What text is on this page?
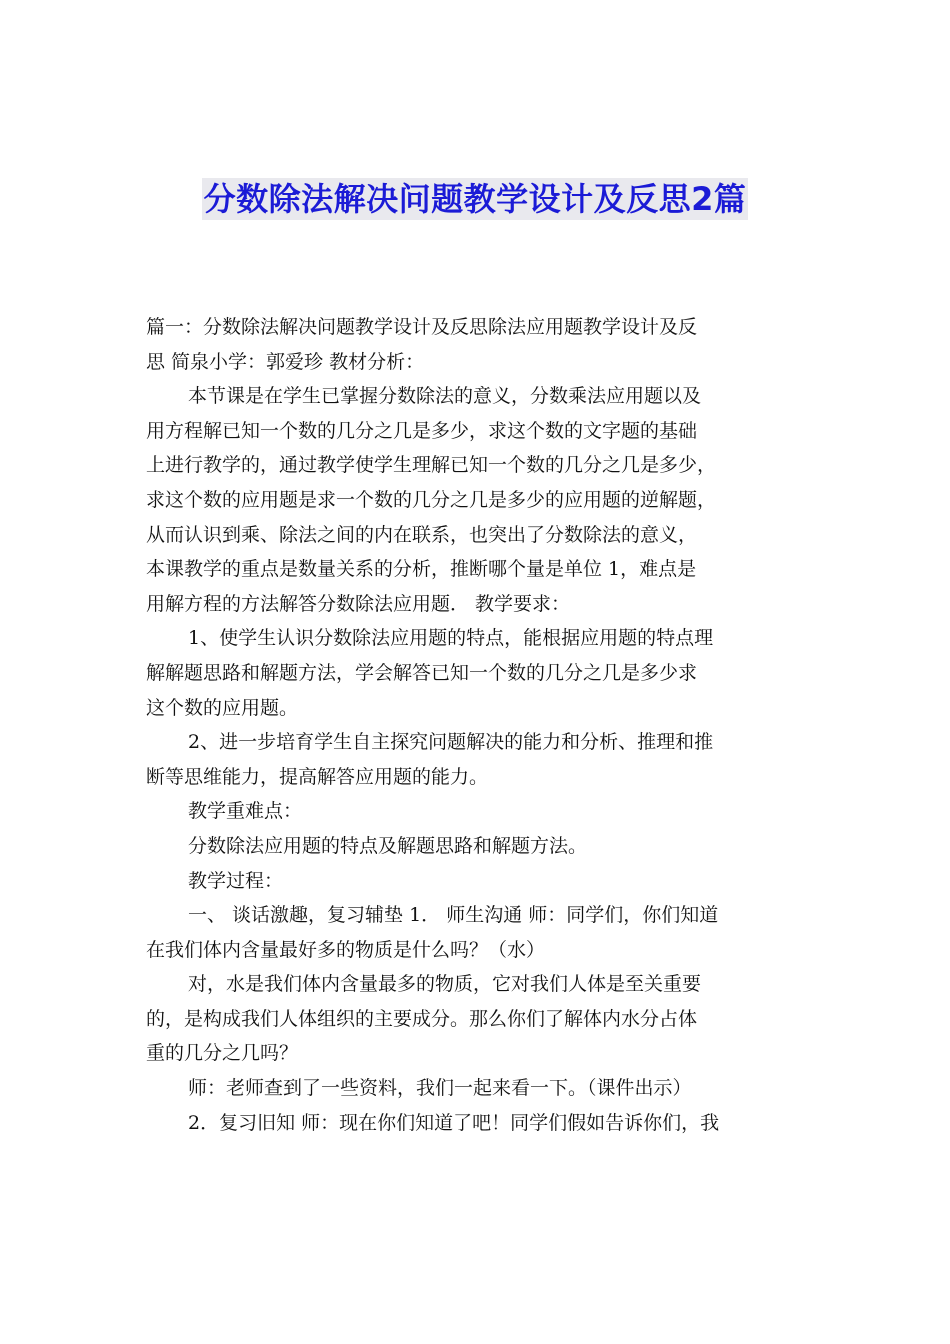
分数除法解决问题教学设计及反思2篇
篇一：分数除法解决问题教学设计及反思除法应用题教学设计及反
思 简泉小学：郭爱珍 教材分析：
本节课是在学生已掌握分数除法的意义，分数乘法应用题以及
用方程解已知一个数的几分之几是多少，求这个数的文字题的基础
上进行教学的，通过教学使学生理解已知一个数的几分之几是多少，
求这个数的应用题是求一个数的几分之几是多少的应用题的逆解题，
从而认识到乘、除法之间的内在联系，也突出了分数除法的意义，
本课教学的重点是数量关系的分析，推断哪个量是单位 1，难点是
用解方程的方法解答分数除法应用题． 教学要求：
1、使学生认识分数除法应用题的特点，能根据应用题的特点理
解解题思路和解题方法，学会解答已知一个数的几分之几是多少求
这个数的应用题。
2、进一步培育学生自主探究问题解决的能力和分析、推理和推
断等思维能力，提高解答应用题的能力。
教学重难点：
分数除法应用题的特点及解题思路和解题方法。
教学过程：
一、 谈话激趣，复习辅垫 1． 师生沟通 师：同学们，你们知道
在我们体内含量最好多的物质是什么吗？（水）
对，水是我们体内含量最多的物质，它对我们人体是至关重要
的，是构成我们人体组织的主要成分。那么你们了解体内水分占体
重的几分之几吗？
师：老师查到了一些资料，我们一起来看一下。（课件出示）
2．复习旧知 师：现在你们知道了吧！同学们假如告诉你们，我
